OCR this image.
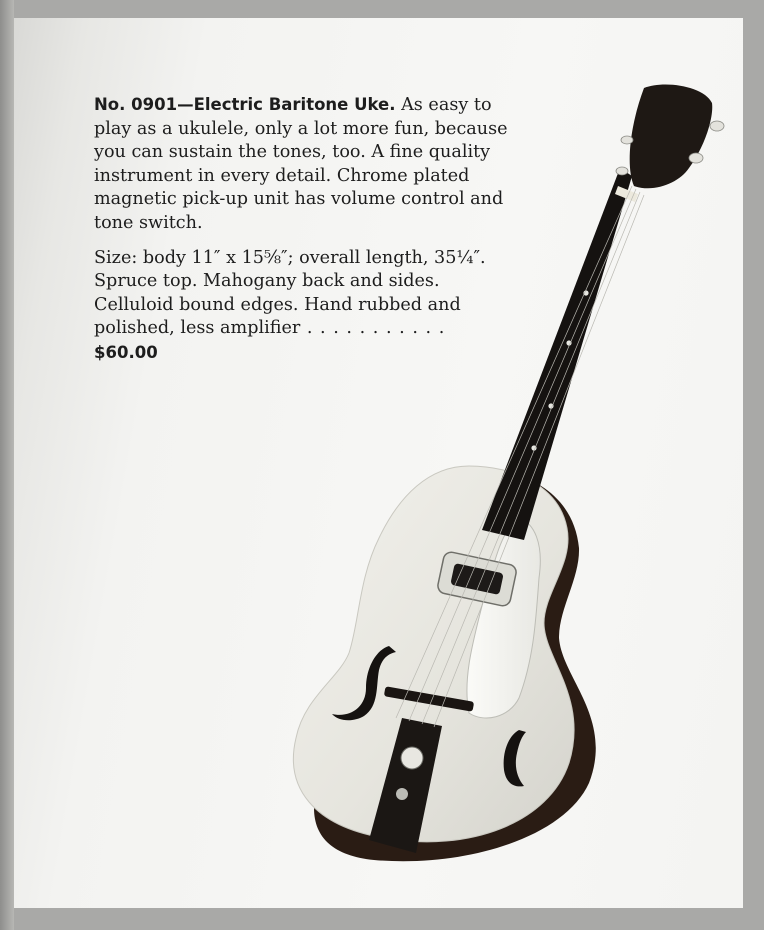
No. 0901—Electric Baritone Uke. As easy to play as a ukulele, only a lot more fun, because you can sustain the tones, too. A fine quality instrument in every detail. Chrome plated magnetic pick-up unit has volume control and tone switch.

Size: body 11″ x 15⅝″; overall length, 35¼″. Spruce top. Mahogany back and sides. Celluloid bound edges. Hand rubbed and polished, less amplifier . . . . . . . . . . . $60.00
